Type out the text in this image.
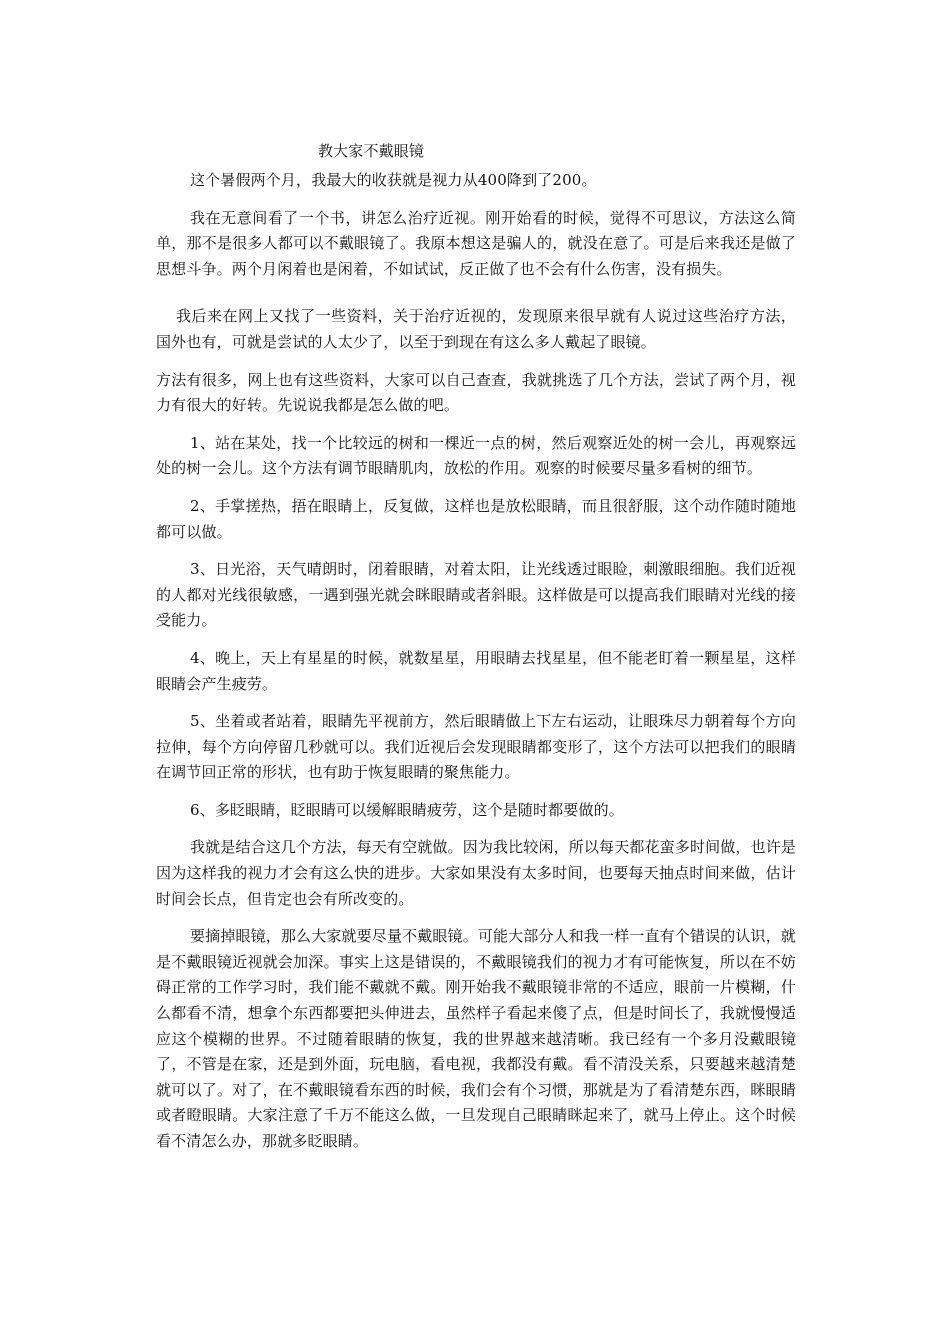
教大家不戴眼镜

这个暑假两个月，我最大的收获就是视力从400降到了200。

我在无意间看了一个书，讲怎么治疗近视。刚开始看的时候，觉得不可思议，方法这么简单，那不是很多人都可以不戴眼镜了。我原本想这是骗人的，就没在意了。可是后来我还是做了思想斗争。两个月闲着也是闲着，不如试试，反正做了也不会有什么伤害，没有损失。

我后来在网上又找了一些资料，关于治疗近视的，发现原来很早就有人说过这些治疗方法，国外也有，可就是尝试的人太少了，以至于到现在有这么多人戴起了眼镜。

方法有很多，网上也有这些资料，大家可以自己查查，我就挑选了几个方法，尝试了两个月，视力有很大的好转。先说说我都是怎么做的吧。

1、站在某处，找一个比较远的树和一棵近一点的树，然后观察近处的树一会儿，再观察远处的树一会儿。这个方法有调节眼睛肌肉，放松的作用。观察的时候要尽量多看树的细节。

2、手掌搓热，捂在眼睛上，反复做，这样也是放松眼睛，而且很舒服，这个动作随时随地都可以做。

3、日光浴，天气晴朗时，闭着眼睛，对着太阳，让光线透过眼睑，刺激眼细胞。我们近视的人都对光线很敏感，一遇到强光就会眯眼睛或者斜眼。这样做是可以提高我们眼睛对光线的接受能力。

4、晚上，天上有星星的时候，就数星星，用眼睛去找星星，但不能老盯着一颗星星，这样眼睛会产生疲劳。

5、坐着或者站着，眼睛先平视前方，然后眼睛做上下左右运动，让眼珠尽力朝着每个方向拉伸，每个方向停留几秒就可以。我们近视后会发现眼睛都变形了，这个方法可以把我们的眼睛在调节回正常的形状，也有助于恢复眼睛的聚焦能力。

6、多眨眼睛，眨眼睛可以缓解眼睛疲劳，这个是随时都要做的。

我就是结合这几个方法，每天有空就做。因为我比较闲，所以每天都花蛮多时间做，也许是因为这样我的视力才会有这么快的进步。大家如果没有太多时间，也要每天抽点时间来做，估计时间会长点，但肯定也会有所改变的。

要摘掉眼镜，那么大家就要尽量不戴眼镜。可能大部分人和我一样一直有个错误的认识，就是不戴眼镜近视就会加深。事实上这是错误的，不戴眼镜我们的视力才有可能恢复，所以在不妨碍正常的工作学习时，我们能不戴就不戴。刚开始我不戴眼镜非常的不适应，眼前一片模糊，什么都看不清，想拿个东西都要把头伸进去，虽然样子看起来傻了点，但是时间长了，我就慢慢适应这个模糊的世界。不过随着眼睛的恢复，我的世界越来越清晰。我已经有一个多月没戴眼镜了，不管是在家，还是到外面，玩电脑，看电视，我都没有戴。看不清没关系，只要越来越清楚就可以了。对了，在不戴眼镜看东西的时候，我们会有个习惯，那就是为了看清楚东西，眯眼睛或者瞪眼睛。大家注意了千万不能这么做，一旦发现自己眼睛眯起来了，就马上停止。这个时候看不清怎么办，那就多眨眼睛。
